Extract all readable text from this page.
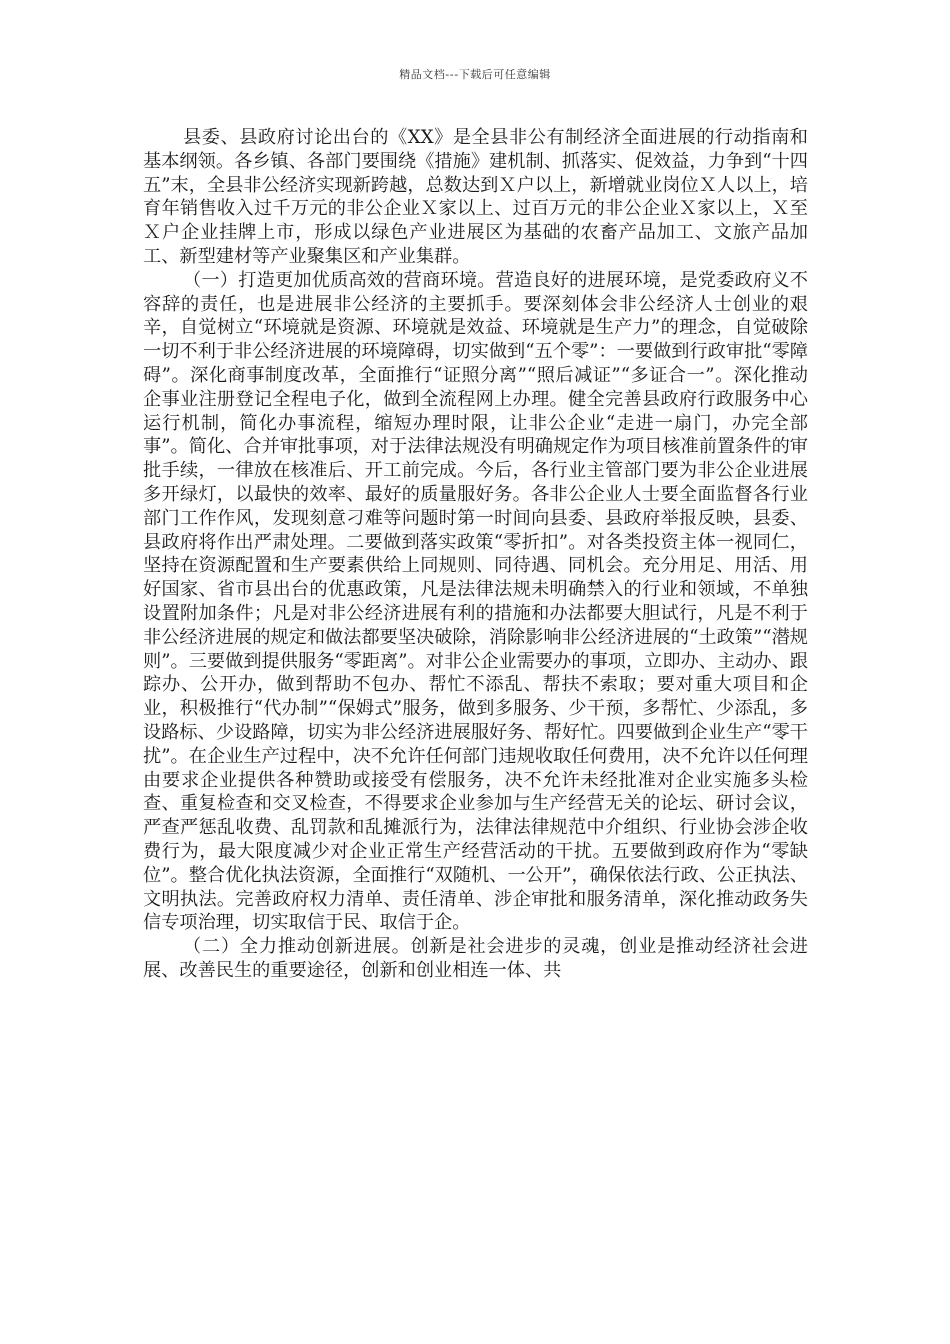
精品文档---下载后可任意编辑

县委、县政府讨论出台的《XX》是全县非公有制经济全面进展的行动指南和基本纲领。各乡镇、各部门要围绕《措施》建机制、抓落实、促效益，力争到“十四五”末，全县非公经济实现新跨越，总数达到Ｘ户以上，新增就业岗位Ｘ人以上，培育年销售收入过千万元的非公企业Ｘ家以上、过百万元的非公企业Ｘ家以上，Ｘ至Ｘ户企业挂牌上市，形成以绿色产业进展区为基础的农畜产品加工、文旅产品加工、新型建材等产业聚集区和产业集群。

（一）打造更加优质高效的营商环境。营造良好的进展环境，是党委政府义不容辞的责任，也是进展非公经济的主要抓手。要深刻体会非公经济人士创业的艰辛，自觉树立“环境就是资源、环境就是效益、环境就是生产力”的理念，自觉破除一切不利于非公经济进展的环境障碍，切实做到“五个零”：一要做到行政审批“零障碍”。深化商事制度改革，全面推行“证照分离”“照后减证”“多证合一”。深化推动企事业注册登记全程电子化，做到全流程网上办理。健全完善县政府行政服务中心运行机制，简化办事流程，缩短办理时限，让非公企业“走进一扇门，办完全部事”。简化、合并审批事项，对于法律法规没有明确规定作为项目核准前置条件的审批手续，一律放在核准后、开工前完成。今后，各行业主管部门要为非公企业进展多开绿灯，以最快的效率、最好的质量服好务。各非公企业人士要全面监督各行业部门工作作风，发现刻意刁难等问题时第一时间向县委、县政府举报反映，县委、县政府将作出严肃处理。二要做到落实政策“零折扣”。对各类投资主体一视同仁，坚持在资源配置和生产要素供给上同规则、同待遇、同机会。充分用足、用活、用好国家、省市县出台的优惠政策，凡是法律法规未明确禁入的行业和领域，不单独设置附加条件；凡是对非公经济进展有利的措施和办法都要大胆试行，凡是不利于非公经济进展的规定和做法都要坚决破除，消除影响非公经济进展的“土政策”“潜规则”。三要做到提供服务“零距离”。对非公企业需要办的事项，立即办、主动办、跟踪办、公开办，做到帮助不包办、帮忙不添乱、帮扶不索取；要对重大项目和企业，积极推行“代办制”“保姆式”服务，做到多服务、少干预，多帮忙、少添乱，多设路标、少设路障，切实为非公经济进展服好务、帮好忙。四要做到企业生产“零干扰”。在企业生产过程中，决不允许任何部门违规收取任何费用，决不允许以任何理由要求企业提供各种赞助或接受有偿服务，决不允许未经批准对企业实施多头检查、重复检查和交叉检查，不得要求企业参加与生产经营无关的论坛、研讨会议，严查严惩乱收费、乱罚款和乱摊派行为，法律法律规范中介组织、行业协会涉企收费行为，最大限度减少对企业正常生产经营活动的干扰。五要做到政府作为“零缺位”。整合优化执法资源，全面推行“双随机、一公开”，确保依法行政、公正执法、文明执法。完善政府权力清单、责任清单、涉企审批和服务清单，深化推动政务失信专项治理，切实取信于民、取信于企。

（二）全力推动创新进展。创新是社会进步的灵魂，创业是推动经济社会进展、改善民生的重要途径，创新和创业相连一体、共
